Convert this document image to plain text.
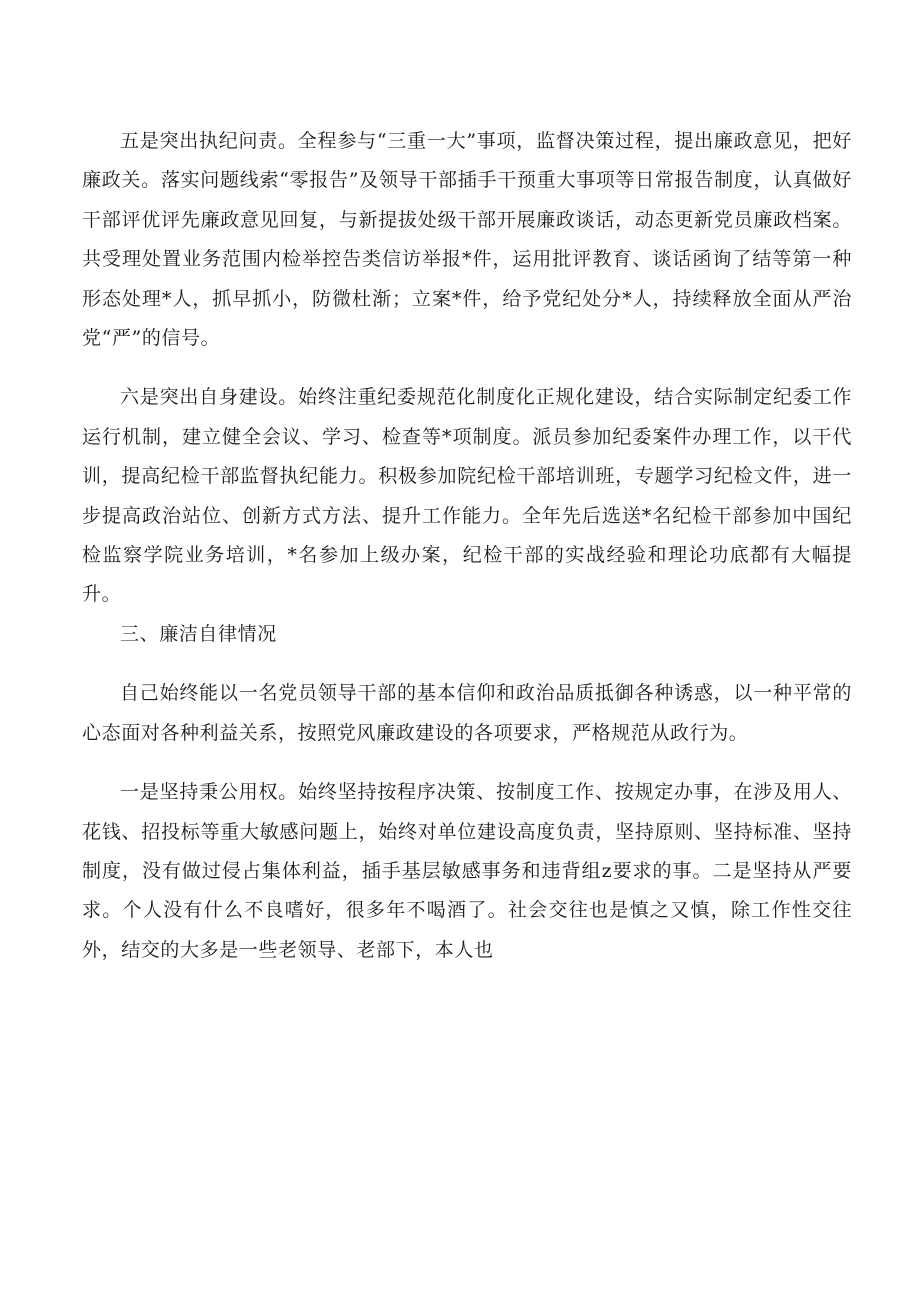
五是突出执纪问责。全程参与“三重一大”事项，监督决策过程，提出廉政意见，把好廉政关。落实问题线索“零报告”及领导干部插手干预重大事项等日常报告制度，认真做好干部评优评先廉政意见回复，与新提拔处级干部开展廉政谈话，动态更新党员廉政档案。共受理处置业务范围内检举控告类信访举报*件，运用批评教育、谈话函询了结等第一种形态处理*人，抓早抓小，防微杜渐；立案*件，给予党纪处分*人，持续释放全面从严治党“严”的信号。

六是突出自身建设。始终注重纪委规范化制度化正规化建设，结合实际制定纪委工作运行机制，建立健全会议、学习、检查等*项制度。派员参加纪委案件办理工作，以干代训，提高纪检干部监督执纪能力。积极参加院纪检干部培训班，专题学习纪检文件，进一步提高政治站位、创新方式方法、提升工作能力。全年先后选送*名纪检干部参加中国纪检监察学院业务培训，*名参加上级办案，纪检干部的实战经验和理论功底都有大幅提升。

三、廉洁自律情况

自己始终能以一名党员领导干部的基本信仰和政治品质抵御各种诱惑，以一种平常的心态面对各种利益关系，按照党风廉政建设的各项要求，严格规范从政行为。

一是坚持秉公用权。始终坚持按程序决策、按制度工作、按规定办事，在涉及用人、花钱、招投标等重大敏感问题上，始终对单位建设高度负责，坚持原则、坚持标准、坚持制度，没有做过侵占集体利益，插手基层敏感事务和违背组z要求的事。二是坚持从严要求。个人没有什么不良嗜好，很多年不喝酒了。社会交往也是慎之又慎，除工作性交往外，结交的大多是一些老领导、老部下，本人也
